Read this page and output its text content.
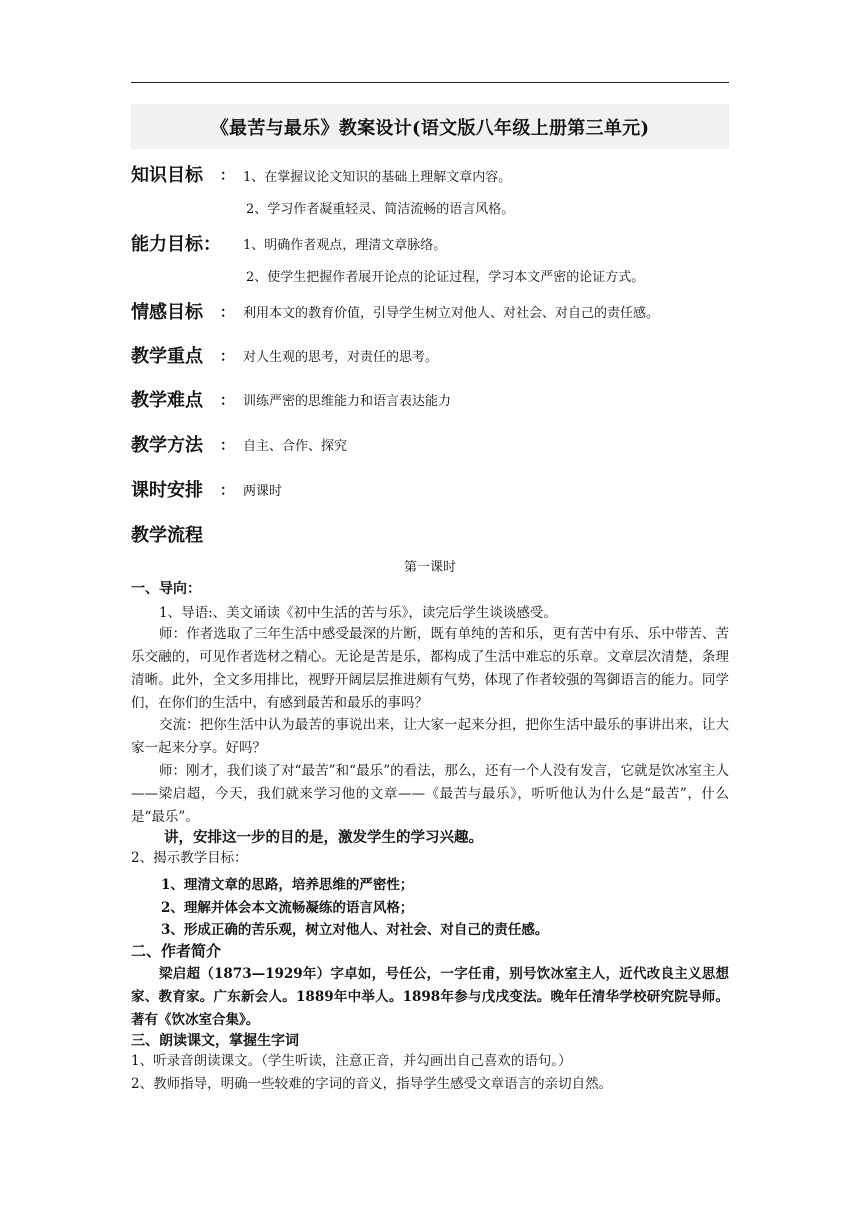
《最苦与最乐》教案设计(语文版八年级上册第三单元)
知识目标 ： 1、在掌握议论文知识的基础上理解文章内容。
2、学习作者凝重轻灵、简洁流畅的语言风格。
能力目标： 1、明确作者观点，理清文章脉络。
2、使学生把握作者展开论点的论证过程，学习本文严密的论证方式。
情感目标 ： 利用本文的教育价值，引导学生树立对他人、对社会、对自己的责任感。
教学重点 ： 对人生观的思考，对责任的思考。
教学难点 ： 训练严密的思维能力和语言表达能力
教学方法 ： 自主、合作、探究
课时安排 ： 两课时
教学流程
第一课时
一、导向：
1、导语:、美文诵读《初中生活的苦与乐》，读完后学生谈谈感受。
师：作者选取了三年生活中感受最深的片断，既有单纯的苦和乐，更有苦中有乐、乐中带苦、苦乐交融的，可见作者选材之精心。无论是苦是乐，都构成了生活中难忘的乐章。文章层次清楚，条理清晰。此外，全文多用排比，视野开阔层层推进颇有气势，体现了作者较强的驾御语言的能力。同学们，在你们的生活中，有感到最苦和最乐的事吗？
交流：把你生活中认为最苦的事说出来，让大家一起来分担，把你生活中最乐的事讲出来，让大家一起来分享。好吗？
师：刚才，我们谈了对“最苦”和“最乐”的看法，那么，还有一个人没有发言，它就是饮冰室主人——梁启超，今天，我们就来学习他的文章——《最苦与最乐》，听听他认为什么是“最苦”，什么是“最乐”。
讲，安排这一步的目的是，激发学生的学习兴趣。
2、揭示教学目标：
1、理清文章的思路，培养思维的严密性；
2、理解并体会本文流畅凝练的语言风格；
3、形成正确的苦乐观，树立对他人、对社会、对自己的责任感。
二、作者简介
梁启超（1873—1929年）字卓如，号任公，一字任甫，别号饮冰室主人，近代改良主义思想家、教育家。广东新会人。1889年中举人。1898年参与戊戌变法。晚年任清华学校研究院导师。著有《饮冰室合集》。
三、朗读课文，掌握生字词
1、听录音朗读课文。（学生听读，注意正音，并勾画出自己喜欢的语句。）
2、教师指导，明确一些较难的字词的音义，指导学生感受文章语言的亲切自然。
